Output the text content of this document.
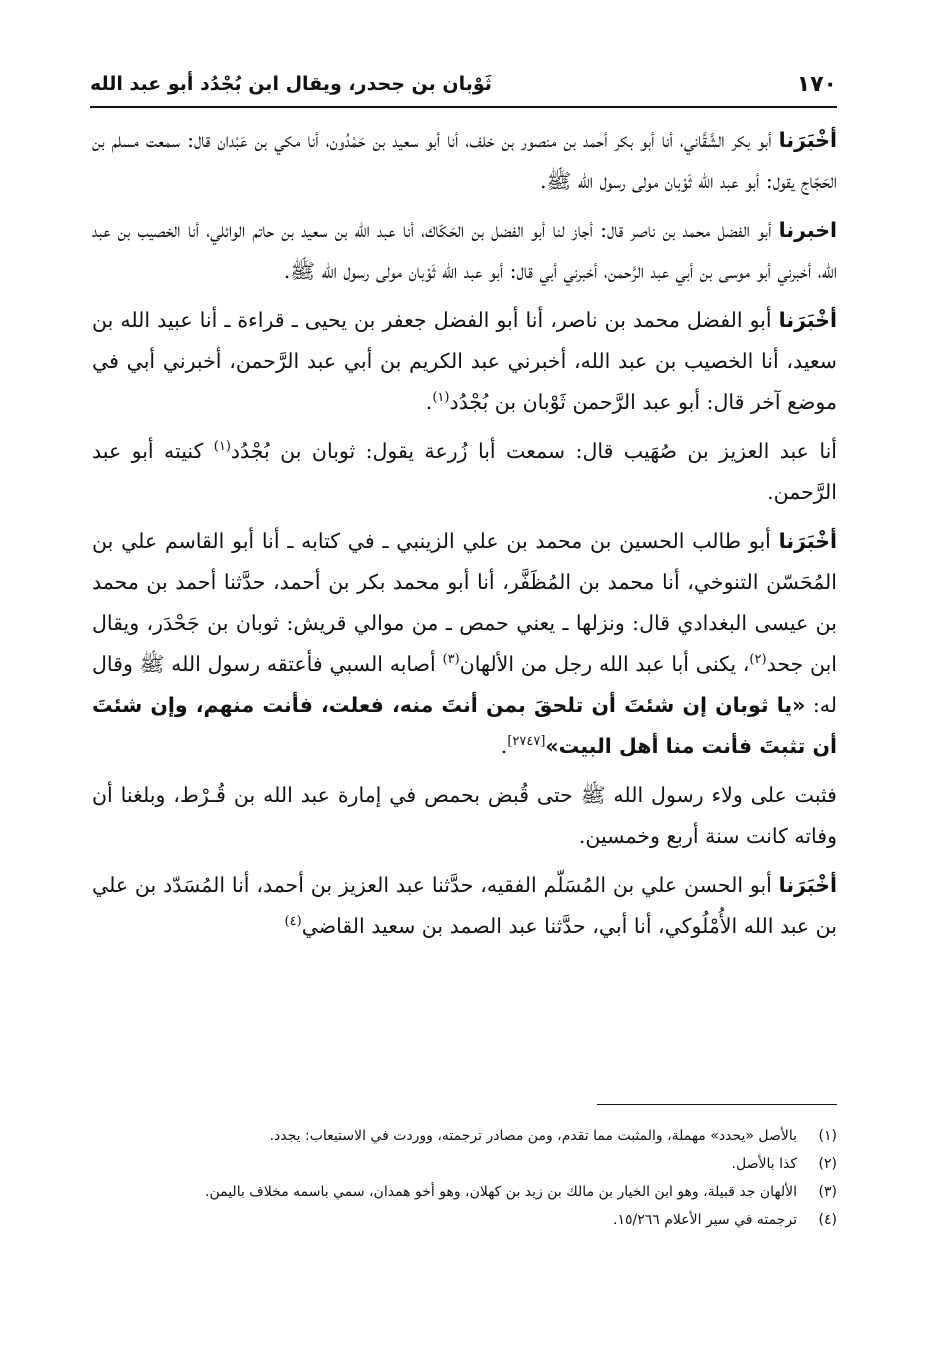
١٧٠
ثَوْبان بن جحدر، ويقال ابن بُجْدُد أبو عبد الله

أخْبَرَنا أبو بكر الشَّقَّاني، أنا أبو بكر أحمد بن منصور بن خلف، أنا أبو سعيد بن حَمْدُون، أنا مكي بن عَبْدان قال: سمعت مسلم بن الحَجّاج يقول: أبو عبد الله ثَوْبان مولى رسول الله ﷺ.

اخبرنا أبو الفضل محمد بن ناصر قال: أجاز لنا أبو الفضل بن الحَكّاك، أنا عبد الله بن سعيد بن حاتم الوائلي، أنا الخصيب بن عبد الله، أخبرني أبو موسى بن أبي عبد الرَّحمن، أخبرني أبي قال: أبو عبد الله ثَوْبان مولى رسول الله ﷺ.

أخْبَرَنا أبو الفضل محمد بن ناصر، أنا أبو الفضل جعفر بن يحيى ـ قراءة ـ أنا عبيد الله بن سعيد، أنا الخصيب بن عبد الله، أخبرني عبد الكريم بن أبي عبد الرَّحمن، أخبرني أبي في موضع آخر قال: أبو عبد الرَّحمن ثَوْبان بن بُجْدُد$^{(١)}$.

أنا عبد العزيز بن صُهَيب قال: سمعت أبا زُرعة يقول: ثوبان بن بُجْدُد$^{(١)}$ كنيته أبو عبد الرَّحمن.

أخْبَرَنا أبو طالب الحسين بن محمد بن علي الزينبي ـ في كتابه ـ أنا أبو القاسم علي بن المُحَسّن التنوخي، أنا محمد بن المُظَفَّر، أنا أبو محمد بكر بن أحمد، حدَّثنا أحمد بن محمد بن عيسى البغدادي قال: ونزلها ـ يعني حمص ـ من موالي قريش: ثوبان بن جَحْدَر، ويقال ابن جحد$^{(٢)}$، يكنى أبا عبد الله رجل من الألهان$^{(٣)}$ أصابه السبي فأعتقه رسول الله ﷺ وقال له: «يا ثوبان إن شئتَ أن تلحقَ بمن أنتَ منه، فعلت، فأنت منهم، وإن شئتَ أن تثبتَ فأنت منا أهل البيت»[٢٧٤٧].

فثبت على ولاء رسول الله ﷺ حتى قُبض بحمص في إمارة عبد الله بن قُـرْط، وبلغنا أن وفاته كانت سنة أربع وخمسين.

أخْبَرَنا أبو الحسن علي بن المُسَلّم الفقيه، حدَّثنا عبد العزيز بن أحمد، أنا المُسَدّد بن علي بن عبد الله الأُمْلُوكي، أنا أبي، حدَّثنا عبد الصمد بن سعيد القاضي$^{(٤)}$

(١)
بالأصل «يحدد» مهملة، والمثبت مما تقدم، ومن مصادر ترجمته، ووردت في الاستيعاب: يجدد.
(٢)
كذا بالأصل.
(٣)
الألهان جد قبيلة، وهو ابن الخيار بن مالك بن زيد بن كهلان، وهو أخو همدان، سمي باسمه مخلاف باليمن.
(٤)
ترجمته في سير الأعلام ١٥/٢٦٦.
